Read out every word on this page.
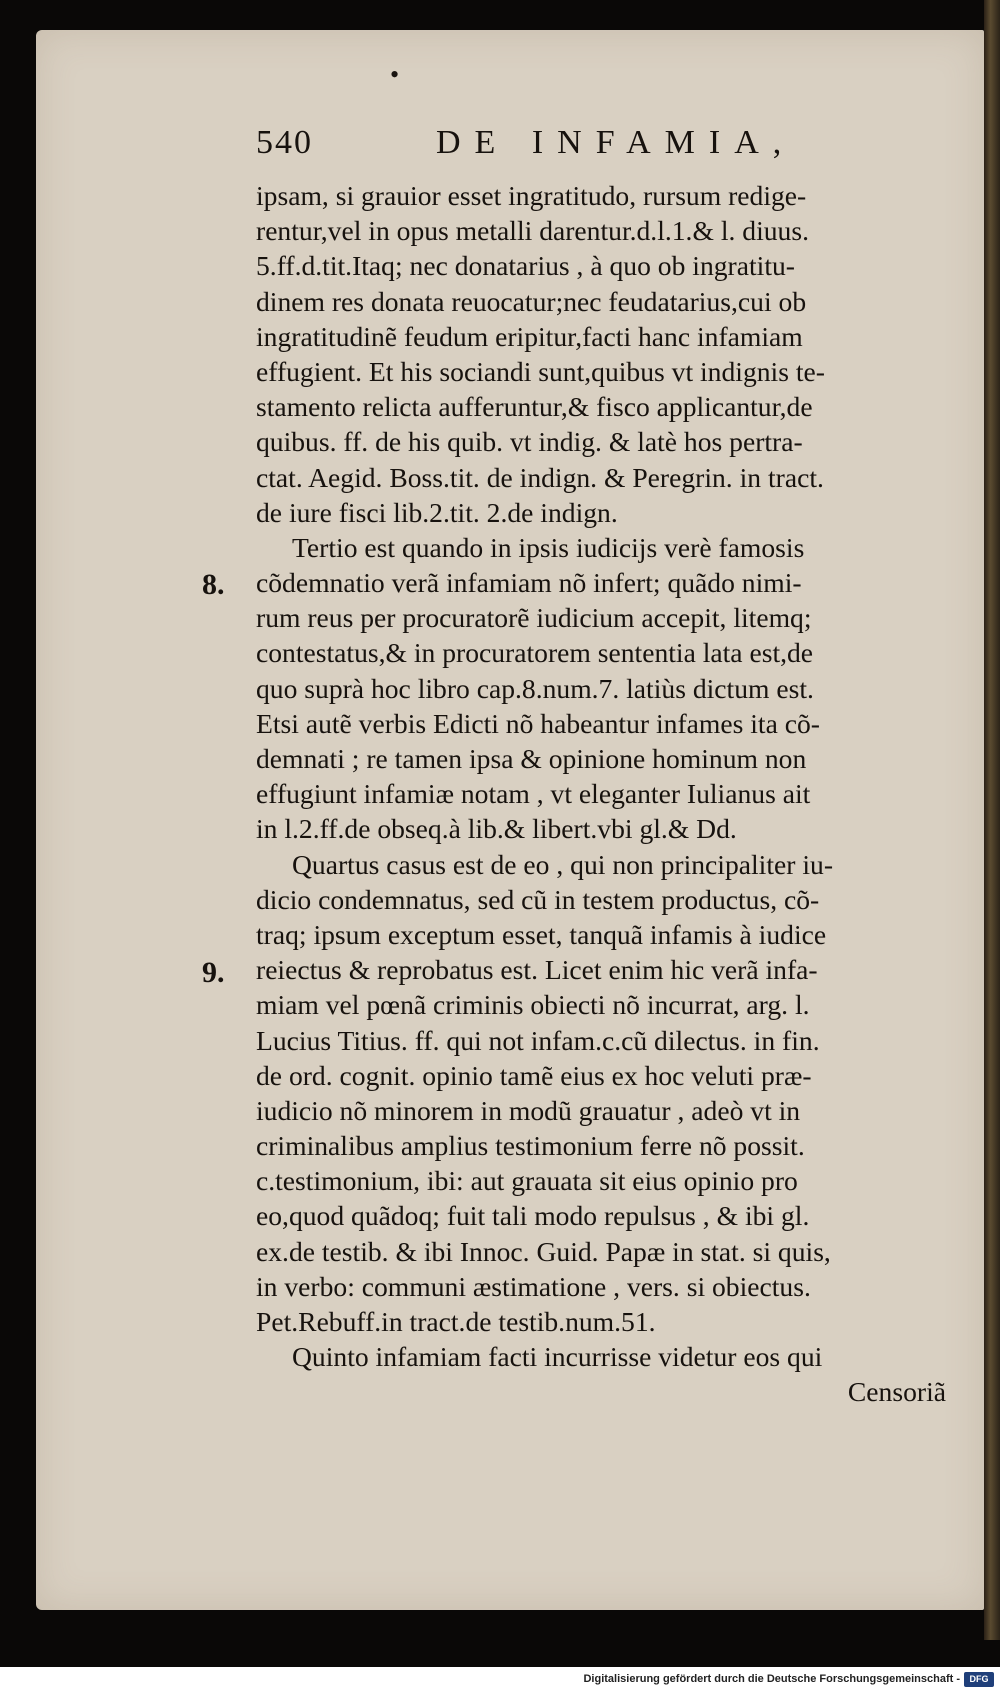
•
540	DE INFAMIA,
8.
9.
ipsam, si grauior esset ingratitudo, rursum redige-
rentur,vel in opus metalli darentur.d.l.1.& l. diuus.
5.ff.d.tit.Itaq; nec donatarius , à quo ob ingratitu-
dinem res donata reuocatur;nec feudatarius,cui ob
ingratitudinẽ feudum eripitur,facti hanc infamiam
effugient. Et his sociandi sunt,quibus vt indignis te-
stamento relicta aufferuntur,& fisco applicantur,de
quibus. ff. de his quib. vt indig. & latè hos pertra-
ctat. Aegid. Boss.tit. de indign. & Peregrin. in tract.
de iure fisci lib.2.tit. 2.de indign.
Tertio est quando in ipsis iudicijs verè famosis
cõdemnatio verã infamiam nõ infert; quãdo nimi-
rum reus per procuratorẽ iudicium accepit, litemq;
contestatus,& in procuratorem sententia lata est,de
quo suprà hoc libro cap.8.num.7. latiùs dictum est.
Etsi autẽ verbis Edicti nõ habeantur infames ita cõ-
demnati ; re tamen ipsa & opinione hominum non
effugiunt infamiæ notam , vt eleganter Iulianus ait
in l.2.ff.de obseq.à lib.& libert.vbi gl.& Dd.
Quartus casus est de eo , qui non principaliter iu-
dicio condemnatus, sed cũ in testem productus, cõ-
traq; ipsum exceptum esset, tanquã infamis à iudice
reiectus & reprobatus est. Licet enim hic verã infa-
miam vel pœnã criminis obiecti nõ incurrat, arg. l.
Lucius Titius. ff. qui not infam.c.cũ dilectus. in fin.
de ord. cognit. opinio tamẽ eius ex hoc veluti præ-
iudicio nõ minorem in modũ grauatur , adeò vt in
criminalibus amplius testimonium ferre nõ possit.
c.testimonium, ibi: aut grauata sit eius opinio pro
eo,quod quãdoq; fuit tali modo repulsus , & ibi gl.
ex.de testib. & ibi Innoc. Guid. Papæ in stat. si quis,
in verbo: communi æstimatione , vers. si obiectus.
Pet.Rebuff.in tract.de testib.num.51.
Quinto infamiam facti incurrisse videtur eos qui
Censoriã
Digitalisierung gefördert durch die Deutsche Forschungsgemeinschaft -	DFG
